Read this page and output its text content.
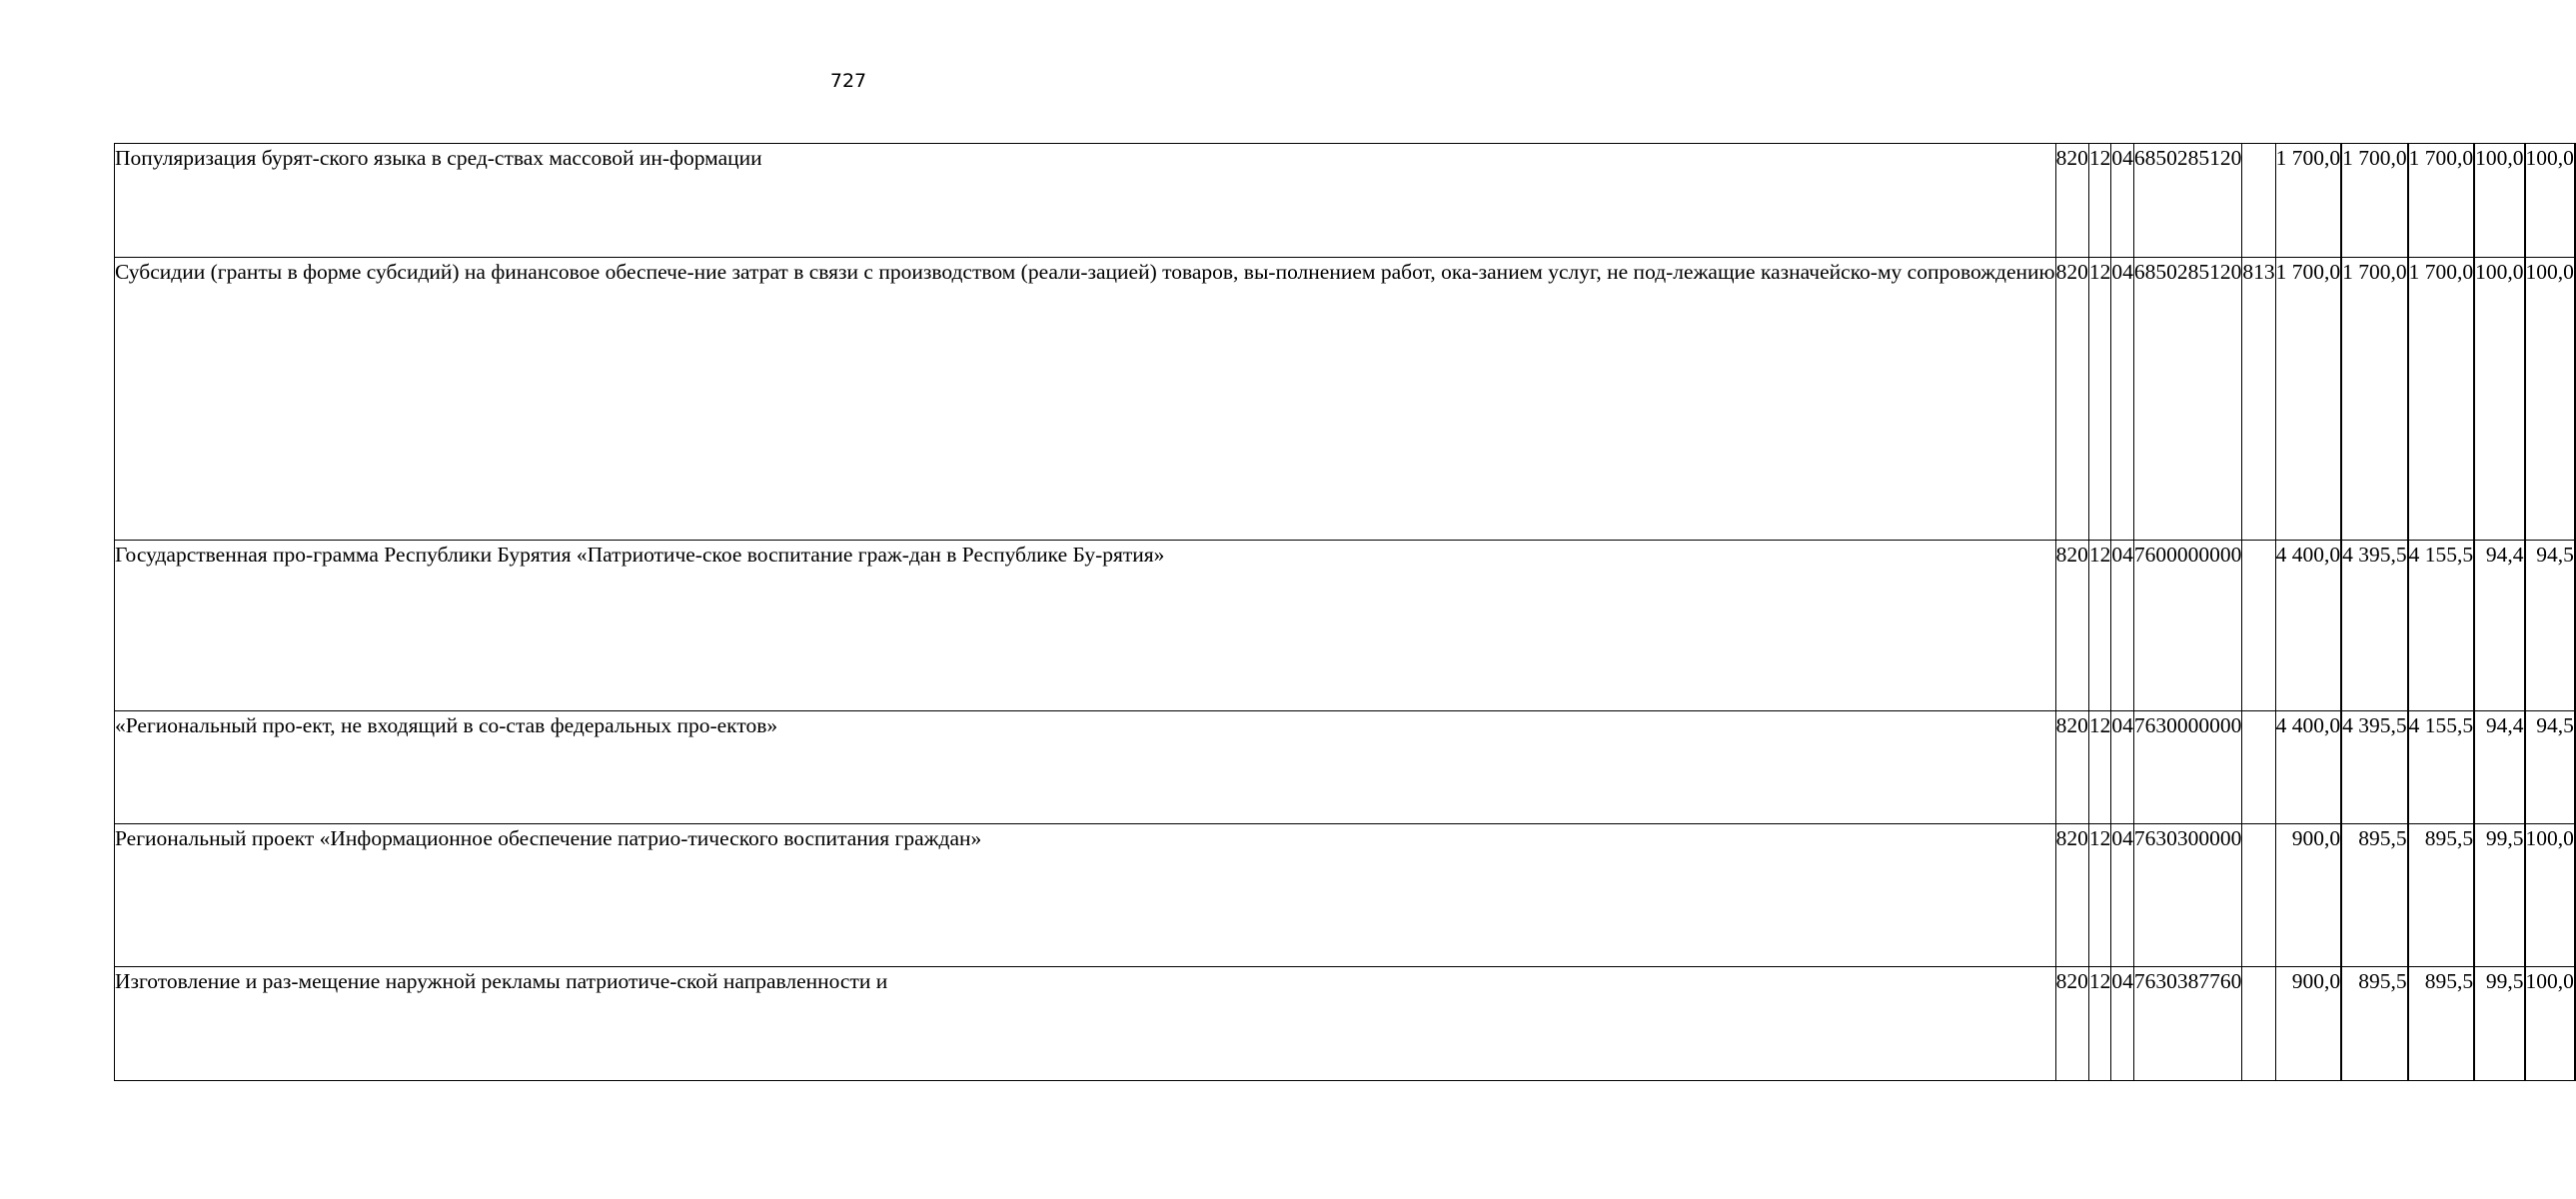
727
Популяризация бурят-ского языка в сред-ствах массовой ин-формации	820	12	04	6850285120		1 700,0		1 700,0		1 700,0		100,0		100,0	
Субсидии (гранты в форме субсидий) на финансовое обеспече-ние затрат в связи с производством (реали-зацией) товаров, вы-полнением работ, ока-занием услуг, не под-лежащие казначейско-му сопровождению	820	12	04	6850285120	813	1 700,0		1 700,0		1 700,0		100,0		100,0	
Государственная про-грамма Республики Бурятия «Патриотиче-ское воспитание граж-дан в Республике Бу-рятия»	820	12	04	7600000000		4 400,0		4 395,5		4 155,5		94,4		94,5	
«Региональный про-ект, не входящий в со-став федеральных про-ектов»	820	12	04	7630000000		4 400,0		4 395,5		4 155,5		94,4		94,5	
Региональный проект «Информационное обеспечение патрио-тического воспитания граждан»	820	12	04	7630300000		900,0		895,5		895,5		99,5		100,0	
Изготовление и раз-мещение наружной рекламы патриотиче-ской направленности и	820	12	04	7630387760		900,0		895,5		895,5		99,5		100,0	
